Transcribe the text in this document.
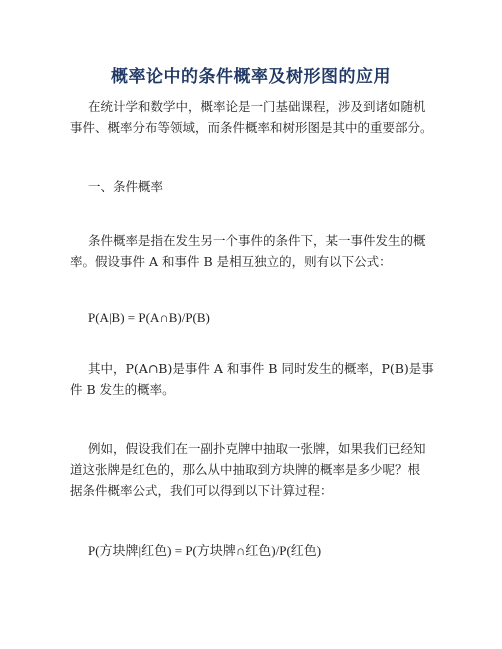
概率论中的条件概率及树形图的应用

在统计学和数学中，概率论是一门基础课程，涉及到诸如随机
事件、概率分布等领域，而条件概率和树形图是其中的重要部分。

一、条件概率

条件概率是指在发生另一个事件的条件下，某一事件发生的概
率。假设事件 A 和事件 B 是相互独立的，则有以下公式：

P(A|B) = P(A∩B)/P(B)

其中，P(A∩B)是事件 A 和事件 B 同时发生的概率，P(B)是事
件 B 发生的概率。

例如，假设我们在一副扑克牌中抽取一张牌，如果我们已经知
道这张牌是红色的，那么从中抽取到方块牌的概率是多少呢？根
据条件概率公式，我们可以得到以下计算过程：

P(方块牌|红色) = P(方块牌∩红色)/P(红色)
